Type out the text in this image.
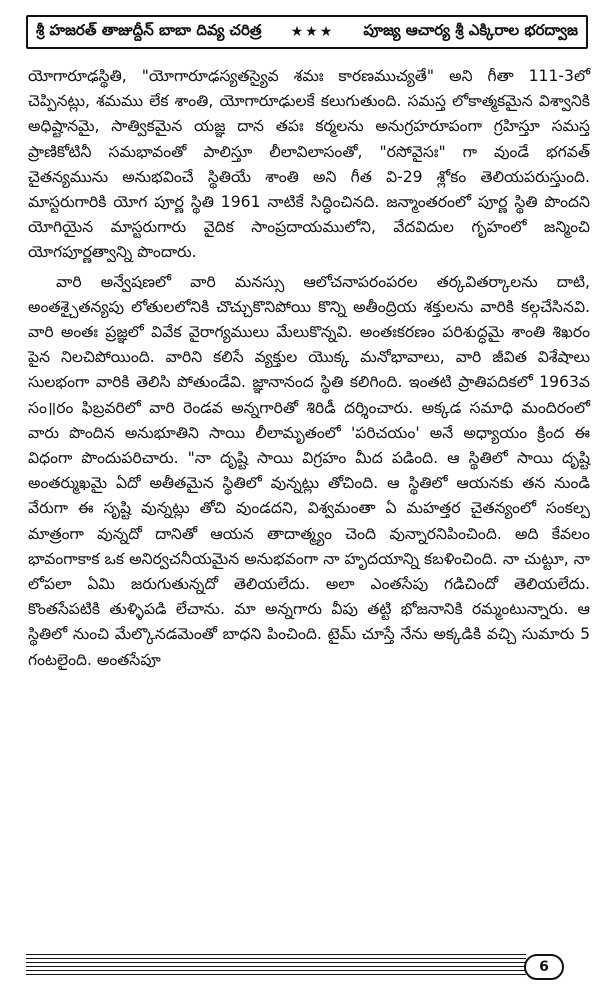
శ్రీ హజరత్ తాజుద్దీన్ బాబా దివ్య చరిత్ర ★★★ పూజ్య ఆచార్య శ్రీ ఎక్కిరాల భరద్వాజ

యోగారూఢస్థితి, "యోగారూఢస్యతస్యైవ శమః కారణముచ్యతే" అని గీతా 111-3లో చెప్పినట్లు, శమము లేక శాంతి, యోగారూఢులకే కలుగుతుంది. సమస్త లోకాత్మకమైన విశ్వానికి అధిష్టానమై, సాత్వికమైన యజ్ఞ దాన తపః కర్మలను అనుగ్రహరూపంగా గ్రహిస్తూ సమస్త ప్రాణికోటినీ సమభావంతో పాలిస్తూ లీలావిలాసంతో, "రసోవైసః" గా వుండే భగవత్ చైతన్యమును అనుభవించే స్థితియే శాంతి అని గీత వి-29 శ్లోకం తెలియపరుస్తుంది. మాస్టరుగారికి యోగ పూర్ణ స్థితి 1961 నాటికే సిద్ధించినది. జన్మాంతరంలో పూర్ణ స్థితి పొందని యోగియైన మాస్టరుగారు వైదిక సాంప్రదాయములోని, వేదవిదుల గృహంలో జన్మించి యోగపూర్ణత్వాన్ని పొందారు.

వారి అన్వేషణలో వారి మనస్సు ఆలోచనాపరంపరల తర్కవితర్కాలను దాటి, అంతశ్చైతన్యపు లోతులలోనికి చొచ్చుకొనిపోయి కొన్ని అతీంద్రియ శక్తులను వారికి కల్గచేసినవి. వారి అంతః ప్రజ్ఞలో వివేక వైరాగ్యములు మేలుకొన్నవి. అంతఃకరణం పరిశుద్ధమై శాంతి శిఖరం పైన నిలచిపోయింది. వారిని కలిసే వ్యక్తుల యొక్క మనోభావాలు, వారి జీవిత విశేషాలు సులభంగా వారికి తెలిసి పోతుండేవి. జ్ఞానానంద స్థితి కలిగింది. ఇంతటి ప్రాతిపదికలో 1963వ సం॥రం ఫిబ్రవరిలో వారి రెండవ అన్నగారితో శిరిడీ దర్శించారు. అక్కడ సమాధి మందిరంలో వారు పొందిన అనుభూతిని సాయి లీలామృతంలో 'పరిచయం' అనే అధ్యాయం క్రింద ఈ విధంగా పొందుపరిచారు. "నా దృష్టి సాయి విగ్రహం మీద పడింది. ఆ స్థితిలో సాయి దృష్టి అంతర్ముఖమై ఏదో అతీతమైన స్థితిలో వున్నట్లు తోచింది. ఆ స్థితిలో ఆయనకు తన నుండి వేరుగా ఈ సృష్టి వున్నట్లు తోచి వుండదని, విశ్వమంతా ఏ మహత్తర చైతన్యంలో సంకల్ప మాత్రంగా వున్నదో దానితో ఆయన తాదాత్మ్యం చెంది వున్నారనిపించింది. అది కేవలం భావంగాకాక ఒక అనిర్వచనీయమైన అనుభవంగా నా హృదయాన్ని కబళించింది. నా చుట్టూ, నా లోపలా ఏమి జరుగుతున్నదో తెలియలేదు. అలా ఎంతసేపు గడిచిందో తెలియలేదు. కొంతసేపటికి తుళ్ళిపడి లేచాను. మా అన్నగారు వీపు తట్టి భోజనానికి రమ్మంటున్నారు. ఆ స్థితిలో నుంచి మేల్కొనడమెంతో బాధని పించింది. టైమ్ చూస్తే నేను అక్కడికి వచ్చి సుమారు 5 గంటలైంది. అంతసేపూ

6
